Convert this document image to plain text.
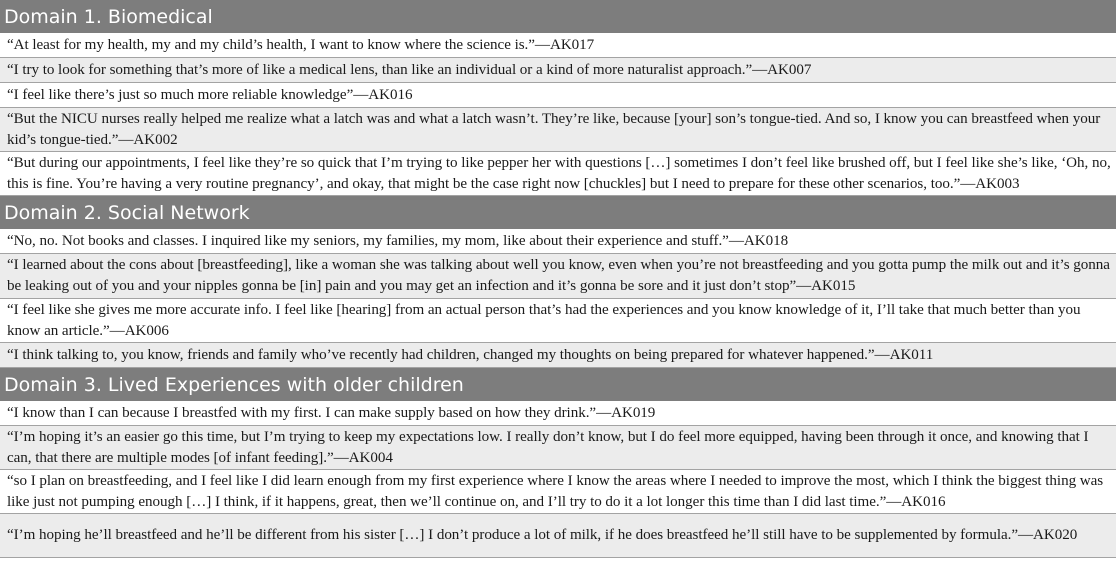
Domain 1. Biomedical
“At least for my health, my and my child’s health, I want to know where the science is.”—AK017
“I try to look for something that’s more of like a medical lens, than like an individual or a kind of more naturalist approach.”—AK007
“I feel like there’s just so much more reliable knowledge”—AK016
“But the NICU nurses really helped me realize what a latch was and what a latch wasn’t. They’re like, because [your] son’s tongue-tied. And so, I know you can breastfeed when your kid’s tongue-tied.”—AK002
“But during our appointments, I feel like they’re so quick that I’m trying to like pepper her with questions […] sometimes I don’t feel like brushed off, but I feel like she’s like, ‘Oh, no, this is fine. You’re having a very routine pregnancy’, and okay, that might be the case right now [chuckles] but I need to prepare for these other scenarios, too.”—AK003
Domain 2. Social Network
“No, no. Not books and classes. I inquired like my seniors, my families, my mom, like about their experience and stuff.”—AK018
“I learned about the cons about [breastfeeding], like a woman she was talking about well you know, even when you’re not breastfeeding and you gotta pump the milk out and it’s gonna be leaking out of you and your nipples gonna be [in] pain and you may get an infection and it’s gonna be sore and it just don’t stop”—AK015
“I feel like she gives me more accurate info. I feel like [hearing] from an actual person that’s had the experiences and you know knowledge of it, I’ll take that much better than you know an article.”—AK006
“I think talking to, you know, friends and family who’ve recently had children, changed my thoughts on being prepared for whatever happened.”—AK011
Domain 3. Lived Experiences with older children
“I know than I can because I breastfed with my first. I can make supply based on how they drink.”—AK019
“I’m hoping it’s an easier go this time, but I’m trying to keep my expectations low. I really don’t know, but I do feel more equipped, having been through it once, and knowing that I can, that there are multiple modes [of infant feeding].”—AK004
“so I plan on breastfeeding, and I feel like I did learn enough from my first experience where I know the areas where I needed to improve the most, which I think the biggest thing was like just not pumping enough […] I think, if it happens, great, then we’ll continue on, and I’ll try to do it a lot longer this time than I did last time.”—AK016
“I’m hoping he’ll breastfeed and he’ll be different from his sister […] I don’t produce a lot of milk, if he does breastfeed he’ll still have to be supplemented by formula.”—AK020
